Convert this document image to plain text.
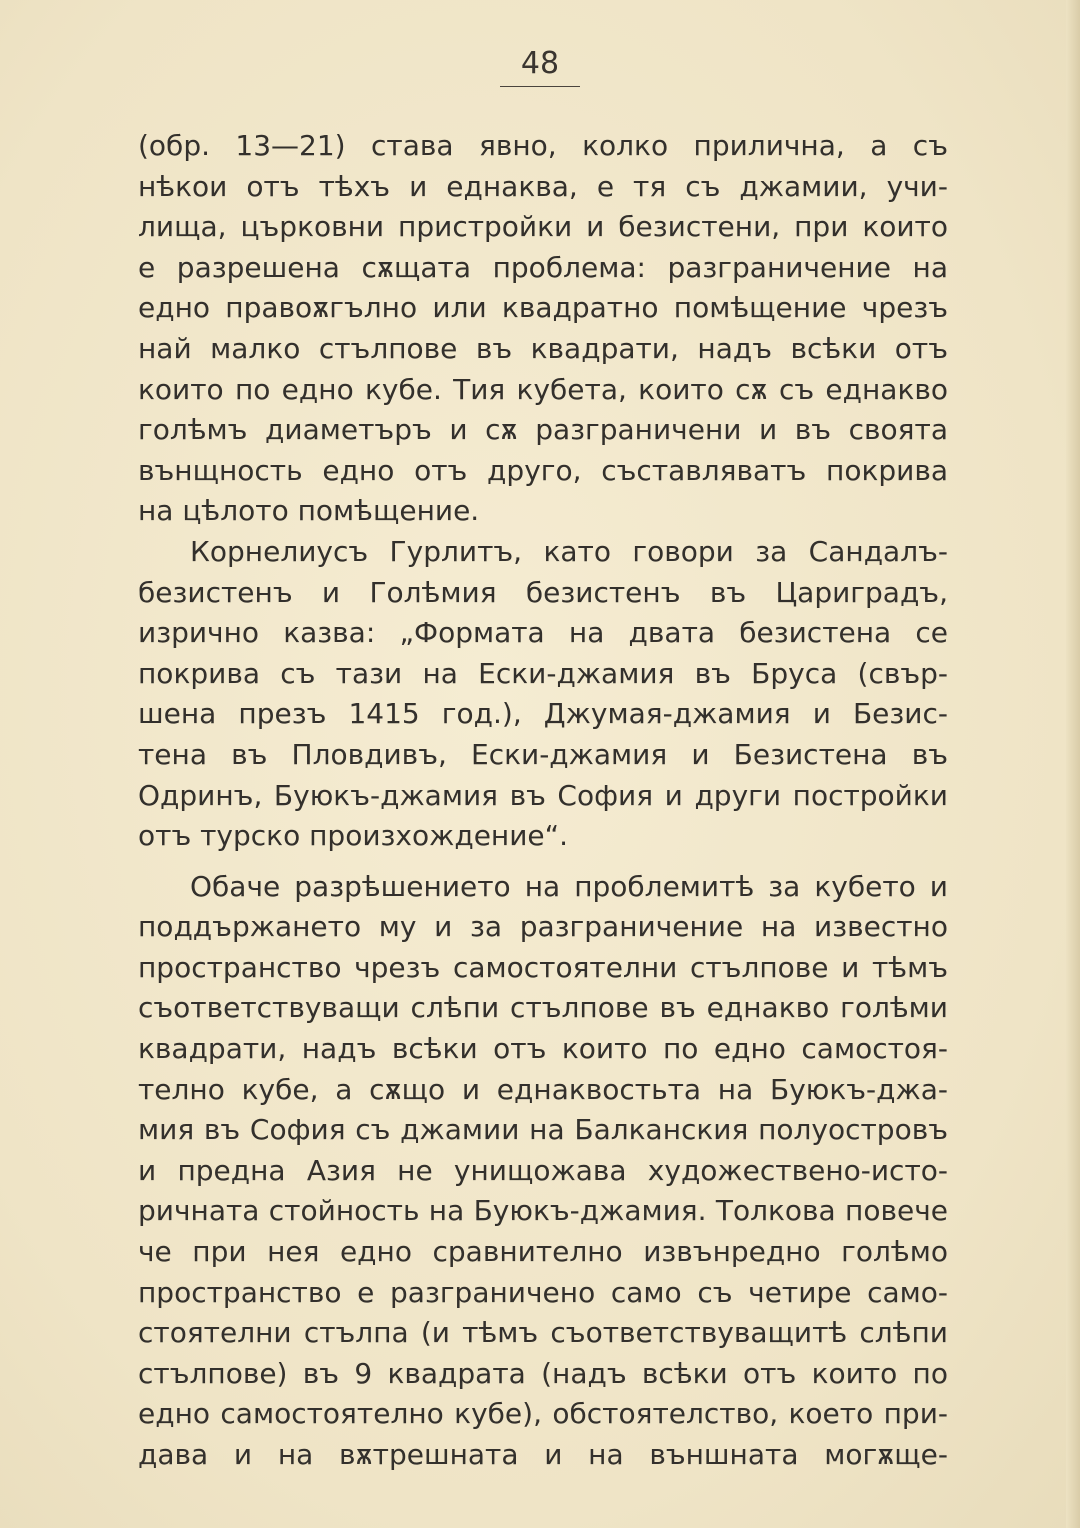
48
(обр. 13—21) става явно, колко прилична, а съ
нѣкои отъ тѣхъ и еднаква, е тя съ джамии, учи-
лища, църковни пристройки и безистени, при които
е разрешена сѫщата проблема: разграничение на
едно правоѫгълно или квадратно помѣщение чрезъ
най малко стълпове въ квадрати, надъ всѣки отъ
които по едно кубе. Тия кубета, които сѫ съ еднакво
голѣмъ диаметъръ и сѫ разграничени и въ своята
вънщность едно отъ друго, съставляватъ покрива
на цѣлото помѣщение.
Корнелиусъ Гурлитъ, като говори за Сандалъ-
безистенъ и Голѣмия безистенъ въ Цариградъ,
изрично казва: „Формата на двата безистена се
покрива съ тази на Ески-джамия въ Бруса (свър-
шена презъ 1415 год.), Джумая-джамия и Безис-
тена въ Пловдивъ, Ески-джамия и Безистена въ
Одринъ, Буюкъ-джамия въ София и други постройки
отъ турско произхождение“.
Обаче разрѣшението на проблемитѣ за кубето и
поддържането му и за разграничение на известно
пространство чрезъ самостоятелни стълпове и тѣмъ
съответствуващи слѣпи стълпове въ еднакво голѣми
квадрати, надъ всѣки отъ които по едно самостоя-
телно кубе, а сѫщо и еднаквостьта на Буюкъ-джа-
мия въ София съ джамии на Балканския полуостровъ
и предна Азия не унищожава художествено-исто-
ричната стойность на Буюкъ-джамия. Толкова повече
че при нея едно сравнително извънредно голѣмо
пространство е разграничено само съ четире само-
стоятелни стълпа (и тѣмъ съответствуващитѣ слѣпи
стълпове) въ 9 квадрата (надъ всѣки отъ които по
едно самостоятелно кубе), обстоятелство, което при-
дава и на вѫтрешната и на външната могѫще-
